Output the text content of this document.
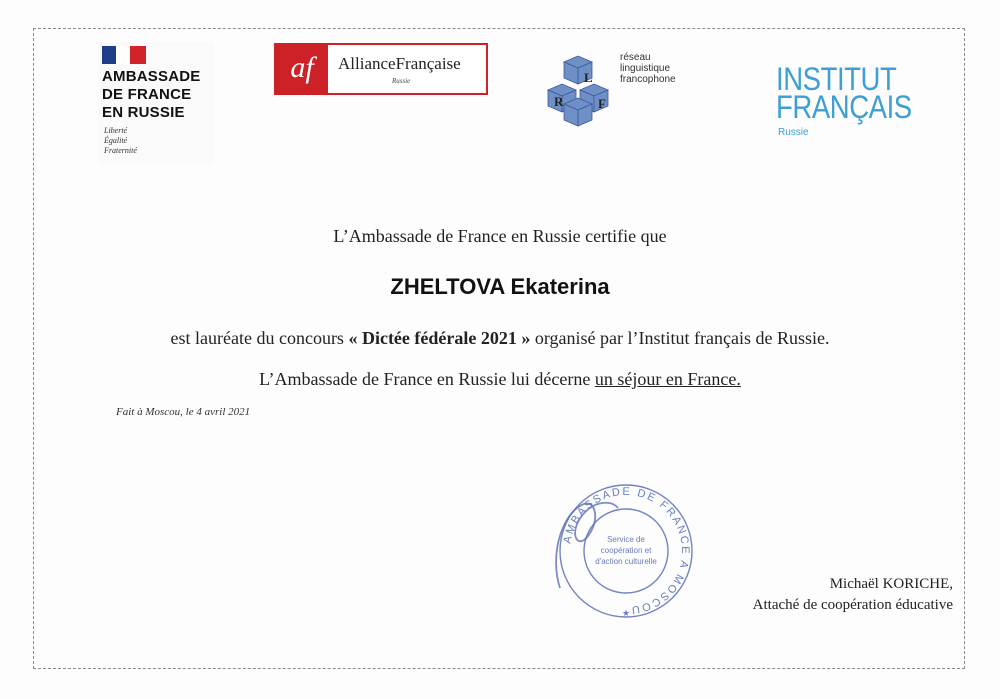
AMBASSADE
DE FRANCE
EN RUSSIE
Liberté
Égalité
Fraternité
af	AllianceFrançaise
Russie
R
L
F
réseau
linguistique
francophone	INSTITUT
FRANÇAIS
Russie
L’Ambassade de France en Russie certifie que
ZHELTOVA Ekaterina
est lauréate du concours « Dictée fédérale 2021 » organisé par l’Institut français de Russie.
L’Ambassade de France en Russie lui décerne un séjour en France.
Fait à Moscou, le 4 avril 2021
AMBASSADE DE FRANCE A MOSCOU
Service de
coopération et
d'action culturelle
★
Michaël KORICHE,
Attaché de coopération éducative
